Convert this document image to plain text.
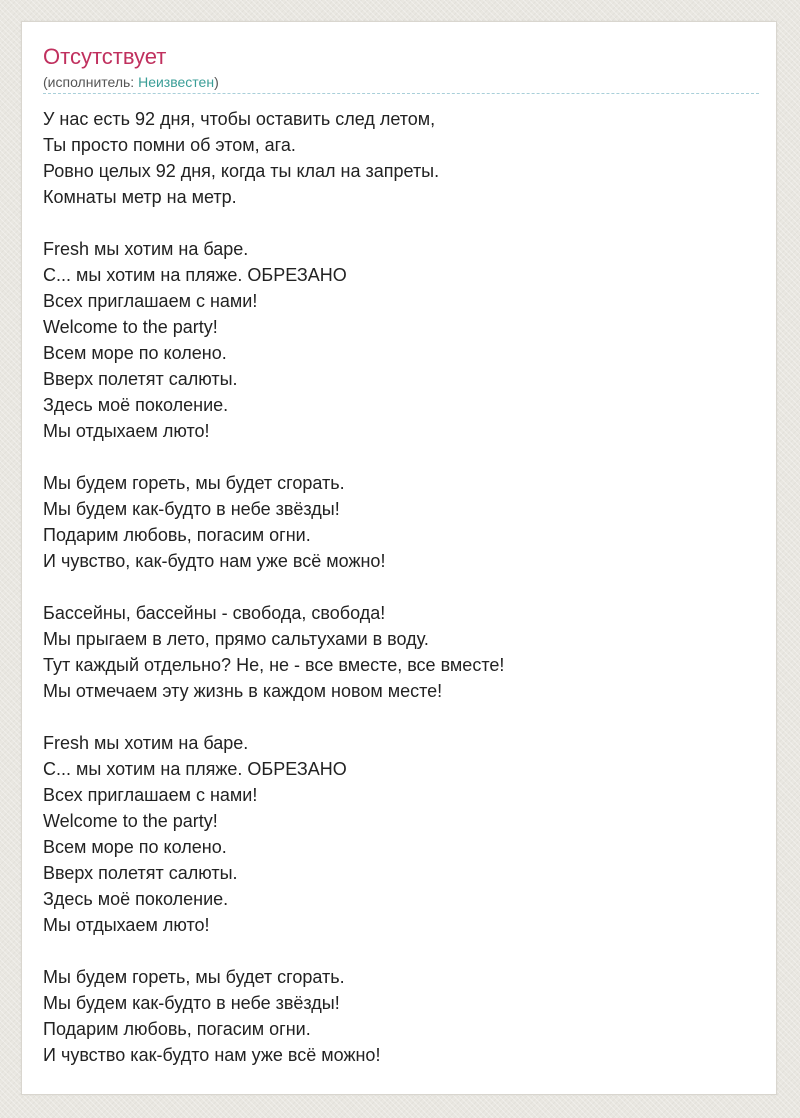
Отсутствует
(исполнитель: Неизвестен)
У нас есть 92 дня, чтобы оставить след летом,
Ты просто помни об этом, ага.
Ровно целых 92 дня, когда ты клал на запреты.
Комнаты метр на метр.
Fresh мы хотим на баре.
С... мы хотим на пляже. ОБРЕЗАНО
Всех приглашаем с нами!
Welcome to the party!
Всем море по колено.
Вверх полетят салюты.
Здесь моё поколение.
Мы отдыхаем люто!
Мы будем гореть, мы будет сгорать.
Мы будем как-будто в небе звёзды!
Подарим любовь, погасим огни.
И чувство, как-будто нам уже всё можно!
Бассейны, бассейны - свобода, свобода!
Мы прыгаем в лето, прямо сальтухами в воду.
Тут каждый отдельно? Не, не - все вместе, все вместе!
Мы отмечаем эту жизнь в каждом новом месте!
Fresh мы хотим на баре.
С... мы хотим на пляже. ОБРЕЗАНО
Всех приглашаем с нами!
Welcome to the party!
Всем море по колено.
Вверх полетят салюты.
Здесь моё поколение.
Мы отдыхаем люто!
Мы будем гореть, мы будет сгорать.
Мы будем как-будто в небе звёзды!
Подарим любовь, погасим огни.
И чувство как-будто нам уже всё можно!
